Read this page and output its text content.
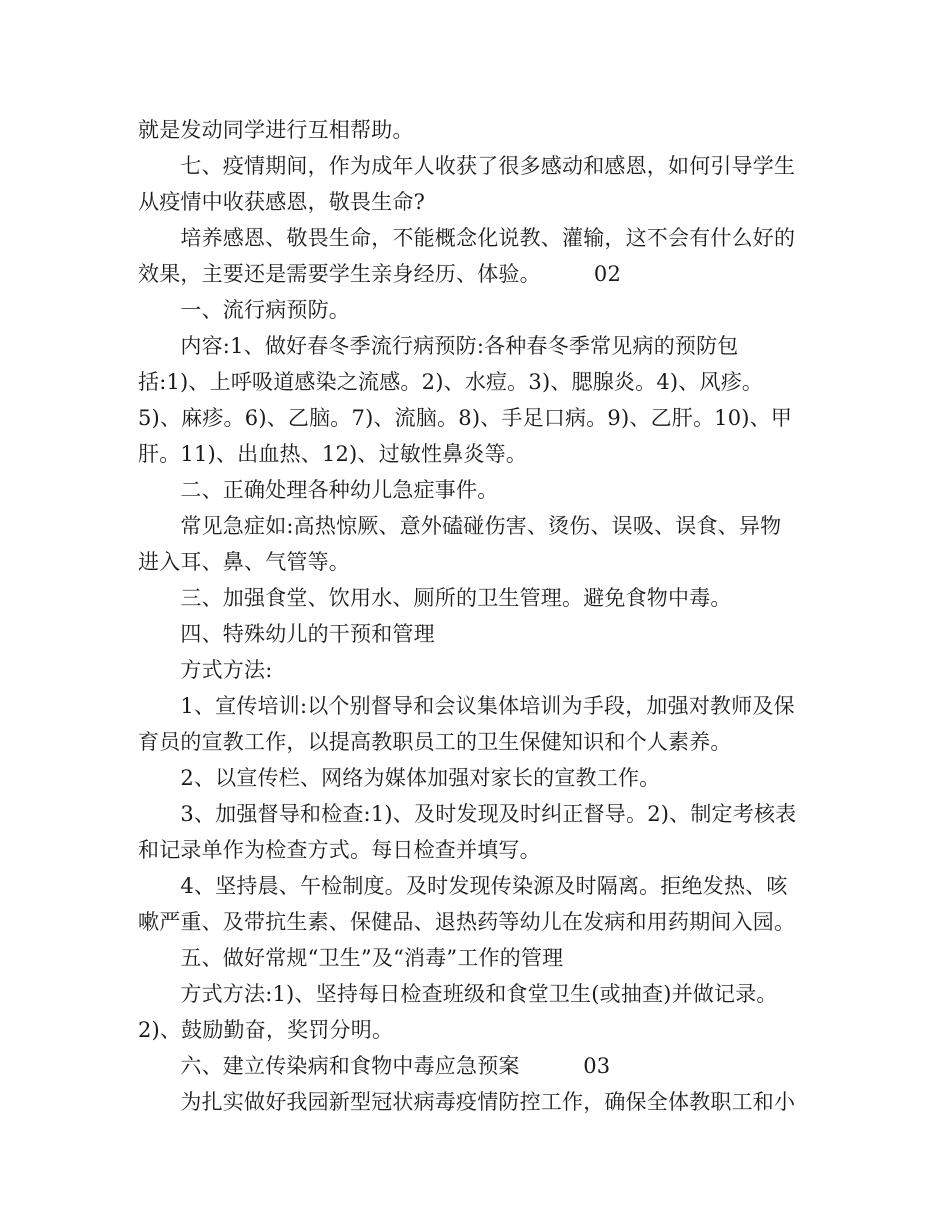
就是发动同学进行互相帮助。
　　七、疫情期间，作为成年人收获了很多感动和感恩，如何引导学生
从疫情中收获感恩，敬畏生命?
　　培养感恩、敬畏生命，不能概念化说教、灌输，这不会有什么好的
效果，主要还是需要学生亲身经历、体验。　　　02
　　一、流行病预防。
　　内容:1、做好春冬季流行病预防:各种春冬季常见病的预防包
括:1)、上呼吸道感染之流感。2)、水痘。3)、腮腺炎。4)、风疹。
5)、麻疹。6)、乙脑。7)、流脑。8)、手足口病。9)、乙肝。10)、甲
肝。11)、出血热、12)、过敏性鼻炎等。
　　二、正确处理各种幼儿急症事件。
　　常见急症如:高热惊厥、意外磕碰伤害、烫伤、误吸、误食、异物
进入耳、鼻、气管等。
　　三、加强食堂、饮用水、厕所的卫生管理。避免食物中毒。
　　四、特殊幼儿的干预和管理
　　方式方法:
　　1、宣传培训:以个别督导和会议集体培训为手段，加强对教师及保
育员的宣教工作，以提高教职员工的卫生保健知识和个人素养。
　　2、以宣传栏、网络为媒体加强对家长的宣教工作。
　　3、加强督导和检查:1)、及时发现及时纠正督导。2)、制定考核表
和记录单作为检查方式。每日检查并填写。
　　4、坚持晨、午检制度。及时发现传染源及时隔离。拒绝发热、咳
嗽严重、及带抗生素、保健品、退热药等幼儿在发病和用药期间入园。
　　五、做好常规“卫生”及“消毒”工作的管理
　　方式方法:1)、坚持每日检查班级和食堂卫生(或抽查)并做记录。
2)、鼓励勤奋，奖罚分明。
　　六、建立传染病和食物中毒应急预案　　　03
　　为扎实做好我园新型冠状病毒疫情防控工作，确保全体教职工和小
